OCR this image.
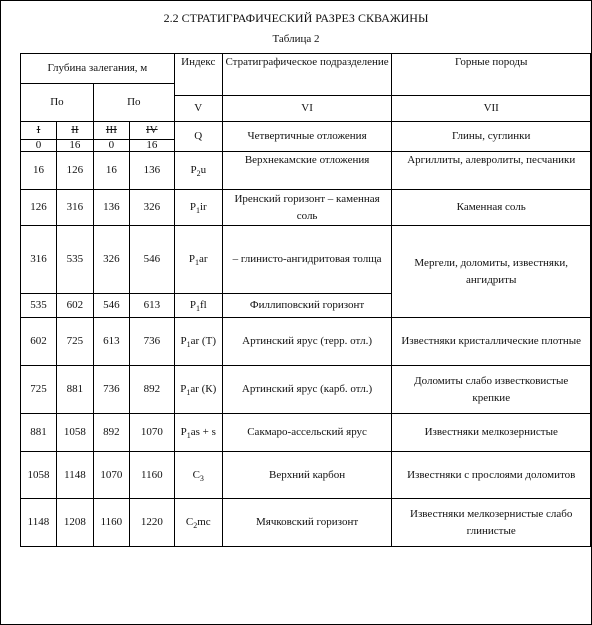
2.2 СТРАТИГРАФИЧЕСКИЙ РАЗРЕЗ СКВАЖИНЫ
Таблица 2
Глубина залегания, м				Индекс	Стратиграфическое подразделение	Горные породы
По		По				
				V	VI	VII
I	II	III	IV	Q	Четвертичные отложения	Глины, суглинки
0	16	0	16			
16	126	16	136	$P_2u$	Верхнекамские отложения	Аргиллиты, алевролиты, песчаники
126	316	136	326	$P_1ir$	Иренский горизонт – каменная соль	Каменная соль
316	535	326	546	$P_1ar$	– глинисто-ангидритовая толща	Мергели, доломиты, известняки, ангидриты
535	602	546	613	$P_1fl$	Филлиповский горизонт	
602	725	613	736	$P_1ar$ (Т)	Артинский ярус (терр. отл.)	Известняки кристаллические плотные
725	881	736	892	$P_1ar$ (К)	Артинский ярус (карб. отл.)	Доломиты слабо известковистые крепкие
881	1058	892	1070	$P_1as + s$	Сакмаро-ассельский ярус	Известняки мелкозернистые
1058	1148	1070	1160	$C_3$	Верхний карбон	Известняки с прослоями доломитов
1148	1208	1160	1220	$C_2mc$	Мячковский горизонт	Известняки мелкозернистые слабо глинистые
